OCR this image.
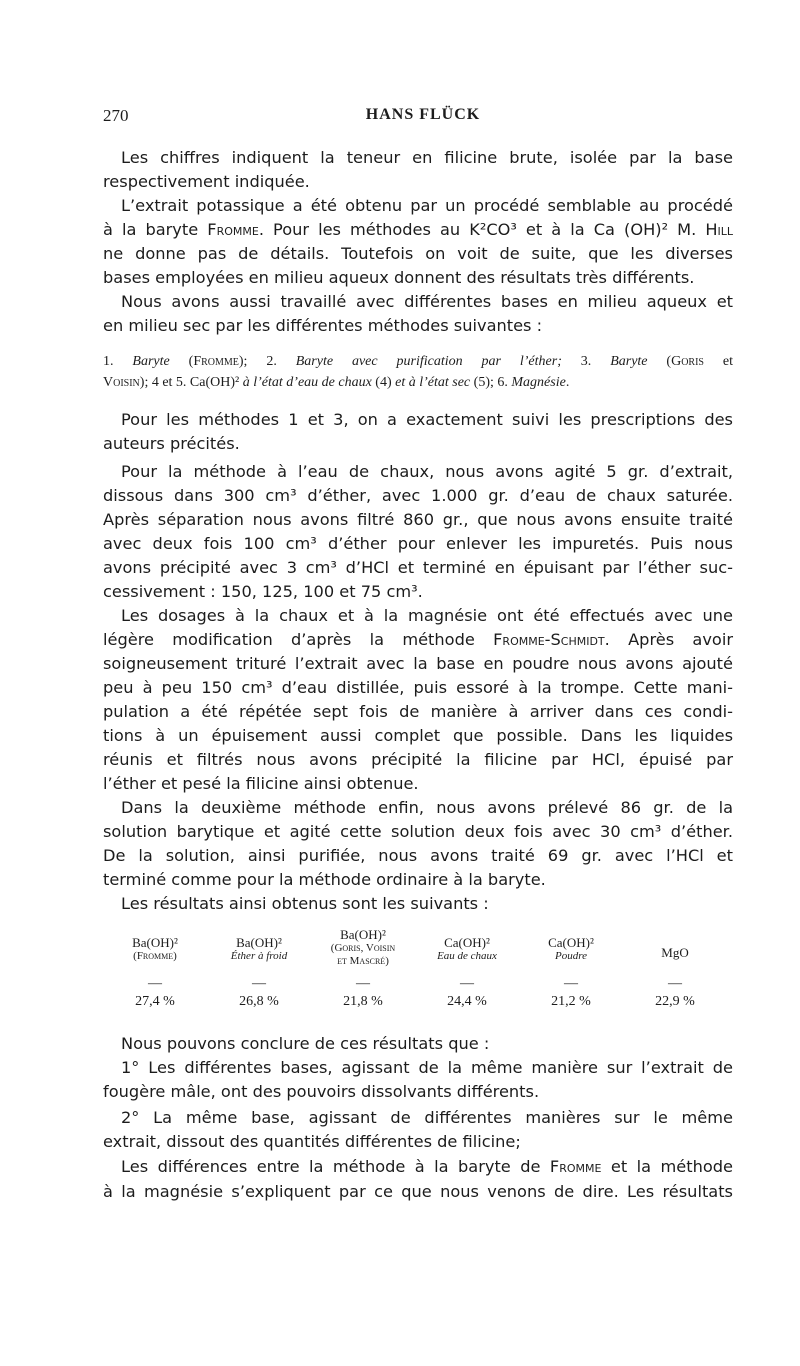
270	HANS FLÜCK
Les chiffres indiquent la teneur en filicine brute, isolée par la base
respectivement indiquée.
L’extrait potassique a été obtenu par un procédé semblable au procédé
à la baryte Fromme. Pour les méthodes au K²CO³ et à la Ca (OH)² M. Hill
ne donne pas de détails. Toutefois on voit de suite, que les diverses
bases employées en milieu aqueux donnent des résultats très différents.
Nous avons aussi travaillé avec différentes bases en milieu aqueux et
en milieu sec par les différentes méthodes suivantes :
1. Baryte (Fromme); 2. Baryte avec purification par l’éther; 3. Baryte (Goris et
Voisin); 4 et 5. Ca(OH)² à l’état d’eau de chaux (4) et à l’état sec (5); 6. Magnésie.
Pour les méthodes 1 et 3, on a exactement suivi les prescriptions des
auteurs précités.
Pour la méthode à l’eau de chaux, nous avons agité 5 gr. d’extrait,
dissous dans 300 cm³ d’éther, avec 1.000 gr. d’eau de chaux saturée.
Après séparation nous avons filtré 860 gr., que nous avons ensuite traité
avec deux fois 100 cm³ d’éther pour enlever les impuretés. Puis nous
avons précipité avec 3 cm³ d’HCl et terminé en épuisant par l’éther suc-
cessivement : 150, 125, 100 et 75 cm³.
Les dosages à la chaux et à la magnésie ont été effectués avec une
légère modification d’après la méthode Fromme-Schmidt. Après avoir
soigneusement trituré l’extrait avec la base en poudre nous avons ajouté
peu à peu 150 cm³ d’eau distillée, puis essoré à la trompe. Cette mani-
pulation a été répétée sept fois de manière à arriver dans ces condi-
tions à un épuisement aussi complet que possible. Dans les liquides
réunis et filtrés nous avons précipité la filicine par HCl, épuisé par
l’éther et pesé la filicine ainsi obtenue.
Dans la deuxième méthode enfin, nous avons prélevé 86 gr. de la
solution barytique et agité cette solution deux fois avec 30 cm³ d’éther.
De la solution, ainsi purifiée, nous avons traité 69 gr. avec l’HCl et
terminé comme pour la méthode ordinaire à la baryte.
Les résultats ainsi obtenus sont les suivants :
Ba(OH)²
(Fromme)
—
27,4 %
Ba(OH)²
Éther à froid
—
26,8 %
Ba(OH)²
(Goris, Voisin
et Mascré)
—
21,8 %
Ca(OH)²
Eau de chaux
—
24,4 %
Ca(OH)²
Poudre
—
21,2 %
MgO
—
22,9 %
Nous pouvons conclure de ces résultats que :
1° Les différentes bases, agissant de la même manière sur l’extrait de
fougère mâle, ont des pouvoirs dissolvants différents.
2° La même base, agissant de différentes manières sur le même
extrait, dissout des quantités différentes de filicine;
Les différences entre la méthode à la baryte de Fromme et la méthode
à la magnésie s’expliquent par ce que nous venons de dire. Les résultats
